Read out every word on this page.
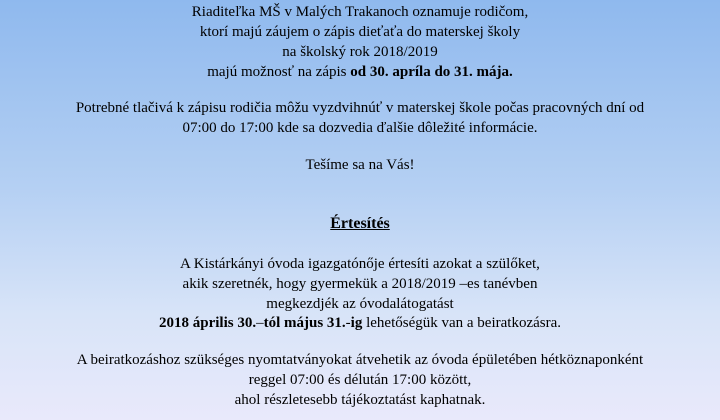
Riaditeľka MŠ v Malých Trakanoch oznamuje rodičom,
ktorí majú záujem o zápis dieťaťa do materskej školy
na školský rok 2018/2019
majú možnosť na zápis od 30. apríla do 31. mája.
Potrebné tlačivá k zápisu rodičia môžu vyzdvihnúť v materskej škole počas pracovných dní od
07:00 do 17:00 kde sa dozvedia ďalšie dôležité informácie.
Tešíme sa na Vás!
Értesítés
A Kistárkányi óvoda igazgatónője értesíti azokat a szülőket,
akik szeretnék, hogy gyermekük a 2018/2019 –es tanévben
megkezdjék az óvodalátogatást
2018 április 30.–tól május 31.-ig lehetőségük van a beiratkozásra.
A beiratkozáshoz szükséges nyomtatványokat átvehetik az óvoda épületében hétköznaponként
reggel 07:00 és délután 17:00 között,
ahol részletesebb tájékoztatást kaphatnak.
